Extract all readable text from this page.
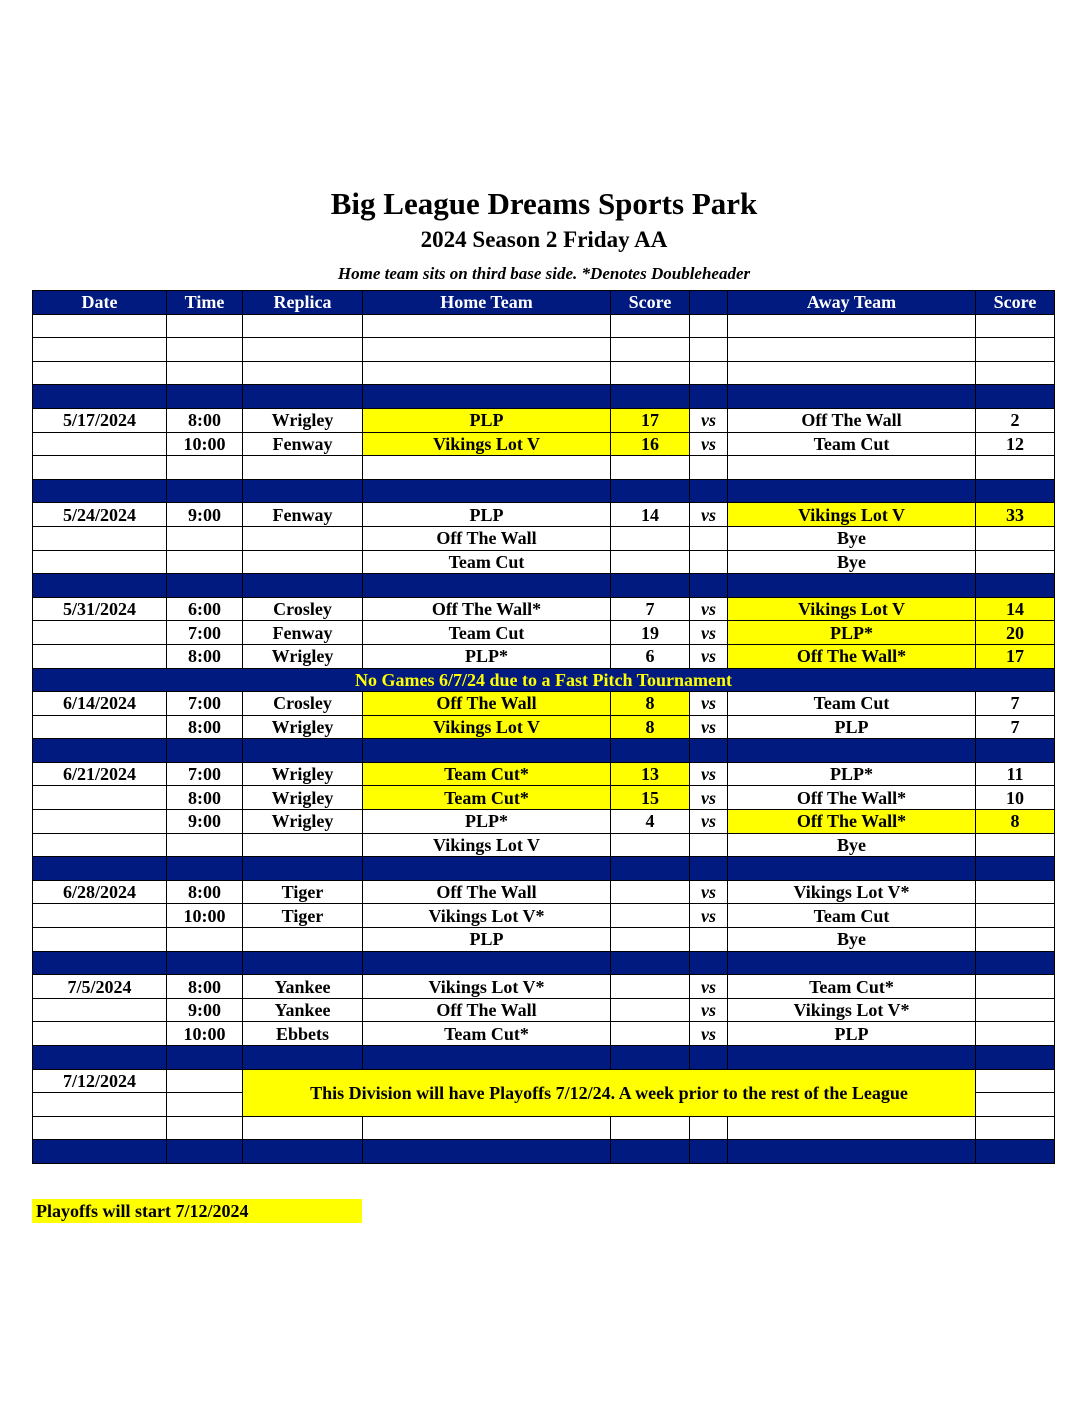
Big League Dreams Sports Park
2024 Season 2 Friday AA
Home team sits on third base side. *Denotes Doubleheader
Date	Time	Replica	Home Team	Score		Away Team	Score

5/17/2024	8:00	Wrigley	PLP	17	vs	Off The Wall	2
	10:00	Fenway	Vikings Lot V	16	vs	Team Cut	12

5/24/2024	9:00	Fenway	PLP	14	vs	Vikings Lot V	33
			Off The Wall			Bye	
			Team Cut			Bye	

5/31/2024	6:00	Crosley	Off The Wall*	7	vs	Vikings Lot V	14
	7:00	Fenway	Team Cut	19	vs	PLP*	20
	8:00	Wrigley	PLP*	6	vs	Off The Wall*	17
No Games 6/7/24 due to a Fast Pitch Tournament							
6/14/2024	7:00	Crosley	Off The Wall	8	vs	Team Cut	7
	8:00	Wrigley	Vikings Lot V	8	vs	PLP	7

6/21/2024	7:00	Wrigley	Team Cut*	13	vs	PLP*	11
	8:00	Wrigley	Team Cut*	15	vs	Off The Wall*	10
	9:00	Wrigley	PLP*	4	vs	Off The Wall*	8
			Vikings Lot V			Bye	

6/28/2024	8:00	Tiger	Off The Wall		vs	Vikings Lot V*	
	10:00	Tiger	Vikings Lot V*		vs	Team Cut	
			PLP			Bye	

7/5/2024	8:00	Yankee	Vikings Lot V*		vs	Team Cut*	
	9:00	Yankee	Off The Wall		vs	Vikings Lot V*	
	10:00	Ebbets	Team Cut*		vs	PLP	

7/12/2024		This Division will have Playoffs 7/12/24. A week prior to the rest of the League					

Playoffs will start 7/12/2024
